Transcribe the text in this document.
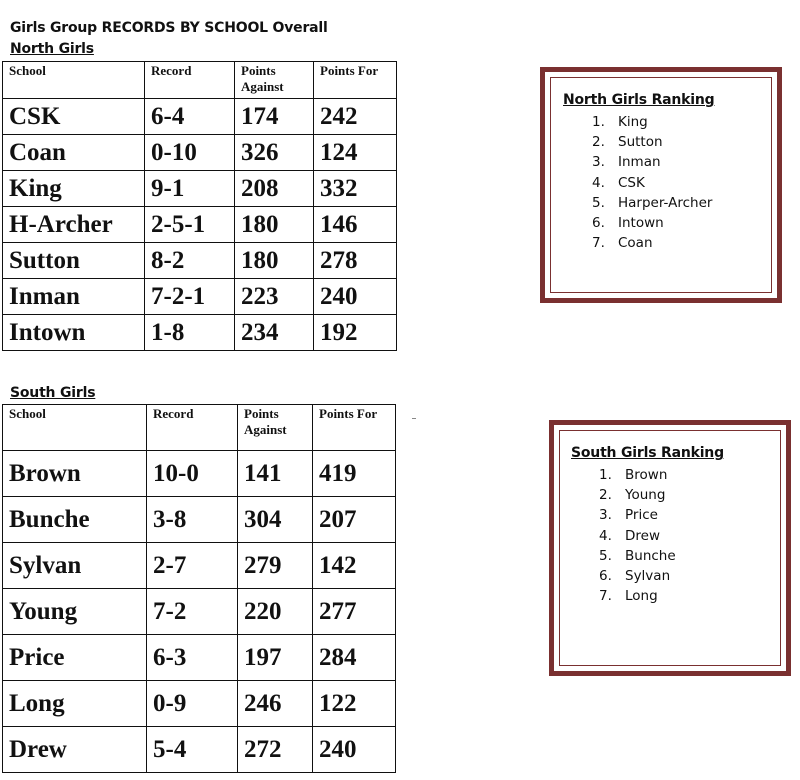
Girls Group RECORDS BY SCHOOL Overall
North Girls
School	Record	Points Against	Points For
CSK	6-4	174	242
Coan	0-10	326	124
King	9-1	208	332
H-Archer	2-5-1	180	146
Sutton	8-2	180	278
Inman	7-2-1	223	240
Intown	1-8	234	192
North Girls Ranking
1. King
2. Sutton
3. Inman
4. CSK
5. Harper-Archer
6. Intown
7. Coan
South Girls
School	Record	Points Against	Points For
Brown	10-0	141	419
Bunche	3-8	304	207
Sylvan	2-7	279	142
Young	7-2	220	277
Price	6-3	197	284
Long	0-9	246	122
Drew	5-4	272	240
South Girls Ranking
1. Brown
2. Young
3. Price
4. Drew
5. Bunche
6. Sylvan
7. Long
